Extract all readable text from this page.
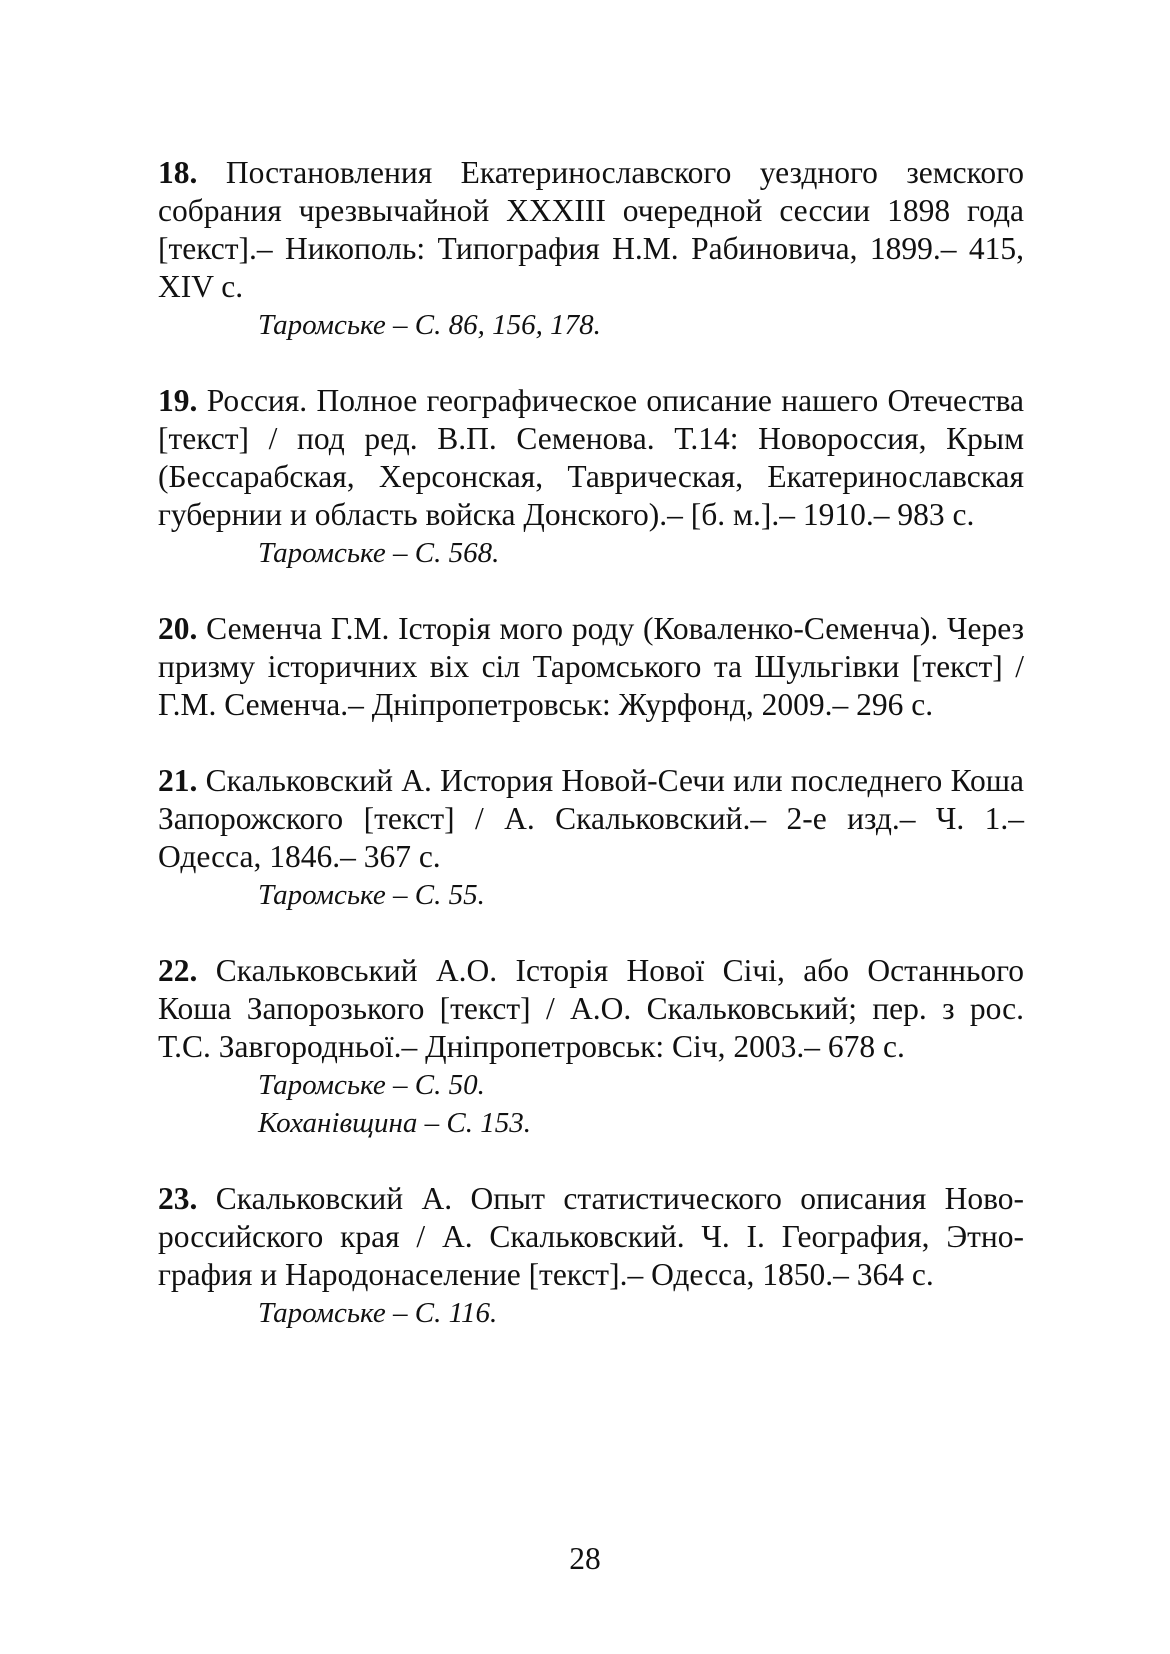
18. Постановления Екатеринославского уездного земского собрания чрезвычайной XXXIII очередной сессии 1898 года [текст].– Никополь: Типография Н.М. Рабиновича, 1899.– 415, XIV с.

Таромське – С. 86, 156, 178.

19. Россия. Полное географическое описание нашего Отечества [текст] / под ред. В.П. Семенова. Т.14: Новороссия, Крым (Бессарабская, Херсонская, Таврическая, Екатеринославская губернии и область войска Донского).– [б. м.].– 1910.– 983 с.

Таромське – С. 568.

20. Семенча Г.М. Історія мого роду (Коваленко-Семенча). Через призму історичних віх сіл Таромського та Шульгівки [текст] / Г.М. Семенча.– Дніпропетровськ: Журфонд, 2009.– 296 с.

21. Скальковский А. История Новой-Сечи или последнего Коша Запорожского [текст] / А. Скальковский.– 2-е изд.– Ч. 1.– Одесса, 1846.– 367 с.

Таромське – С. 55.

22. Скальковський А.О. Історія Нової Січі, або Останнього Коша Запорозького [текст] / А.О. Скальковський; пер. з рос. Т.С. Завгородньої.– Дніпропетровськ: Січ, 2003.– 678 с.

Таромське – С. 50.

Коханівщина – С. 153.

23. Скальковский А. Опыт статистического описания Новороссийского края / А. Скальковский. Ч. І. География, Этнография и Народонаселение [текст].– Одесса, 1850.– 364 с.

Таромське – С. 116.

28
